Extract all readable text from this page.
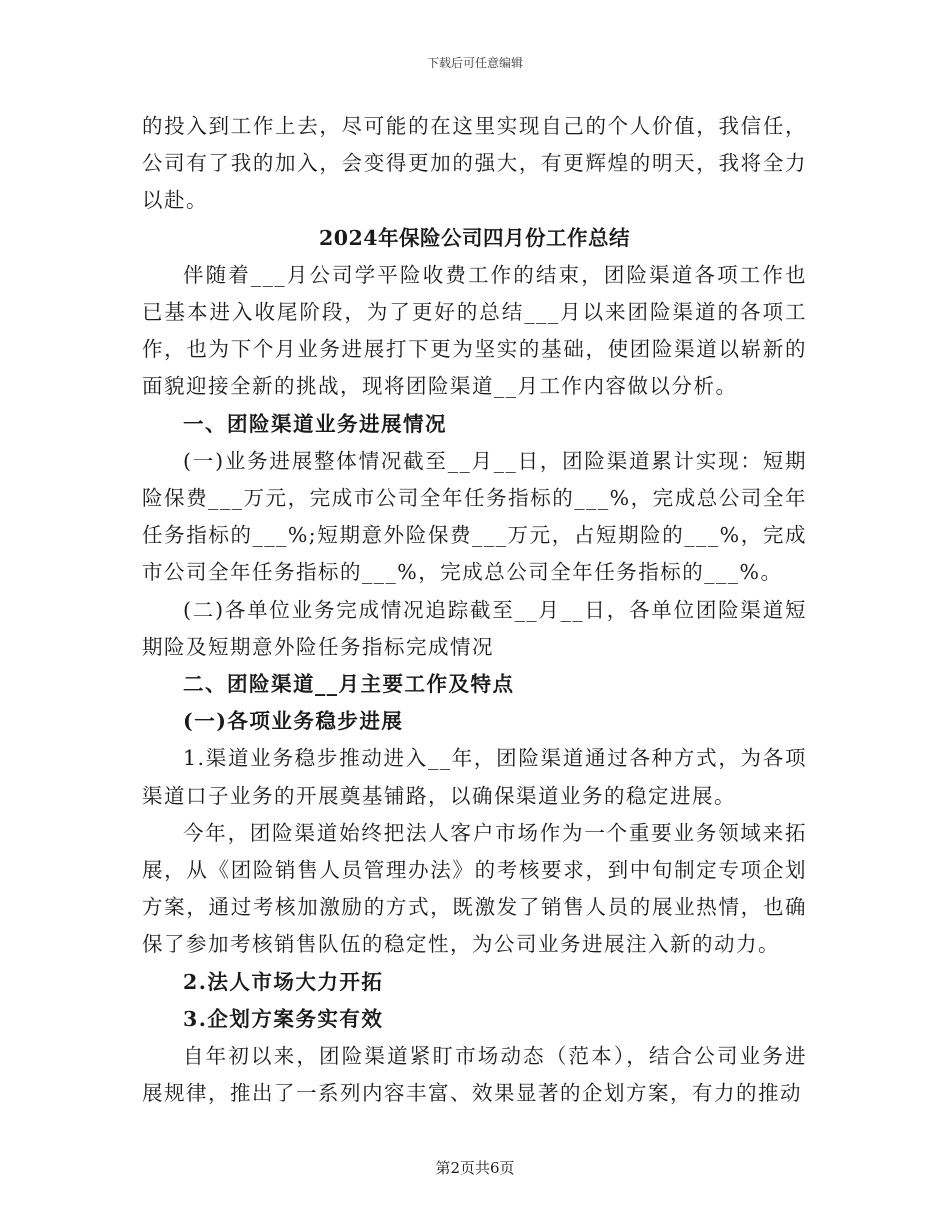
下载后可任意编辑

的投入到工作上去，尽可能的在这里实现自己的个人价值，我信任，公司有了我的加入，会变得更加的强大，有更辉煌的明天，我将全力以赴。

2024年保险公司四月份工作总结

伴随着___月公司学平险收费工作的结束，团险渠道各项工作也已基本进入收尾阶段，为了更好的总结___月以来团险渠道的各项工作，也为下个月业务进展打下更为坚实的基础，使团险渠道以崭新的面貌迎接全新的挑战，现将团险渠道__月工作内容做以分析。

一、团险渠道业务进展情况

(一)业务进展整体情况截至__月__日，团险渠道累计实现：短期险保费___万元，完成市公司全年任务指标的___%，完成总公司全年任务指标的___%;短期意外险保费___万元，占短期险的___%，完成市公司全年任务指标的___%，完成总公司全年任务指标的___%。

(二)各单位业务完成情况追踪截至__月__日，各单位团险渠道短期险及短期意外险任务指标完成情况

二、团险渠道__月主要工作及特点

(一)各项业务稳步进展

1.渠道业务稳步推动进入__年，团险渠道通过各种方式，为各项渠道口子业务的开展奠基铺路，以确保渠道业务的稳定进展。

今年，团险渠道始终把法人客户市场作为一个重要业务领域来拓展，从《团险销售人员管理办法》的考核要求，到中旬制定专项企划方案，通过考核加激励的方式，既激发了销售人员的展业热情，也确保了参加考核销售队伍的稳定性，为公司业务进展注入新的动力。

2.法人市场大力开拓

3.企划方案务实有效

自年初以来，团险渠道紧盯市场动态（范本），结合公司业务进展规律，推出了一系列内容丰富、效果显著的企划方案，有力的推动

第2页共6页
